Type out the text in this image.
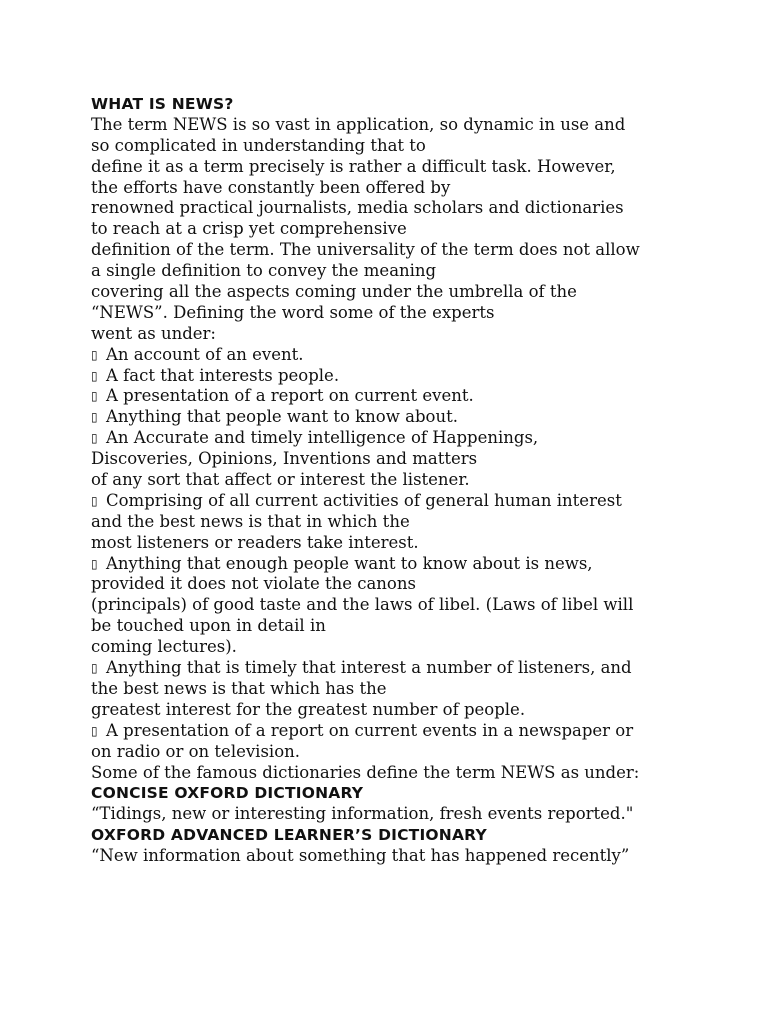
WHAT IS NEWS?
The term NEWS is so vast in application, so dynamic in use and
so complicated in understanding that to
define it as a term precisely is rather a difficult task. However,
the efforts have constantly been offered by
renowned practical journalists, media scholars and dictionaries
to reach at a crisp yet comprehensive
definition of the term. The universality of the term does not allow
a single definition to convey the meaning
covering all the aspects coming under the umbrella of the
“NEWS”. Defining the word some of the experts
went as under:
▯ An account of an event.
▯ A fact that interests people.
▯ A presentation of a report on current event.
▯ Anything that people want to know about.
▯ An Accurate and timely intelligence of Happenings,
Discoveries, Opinions, Inventions and matters
of any sort that affect or interest the listener.
▯ Comprising of all current activities of general human interest
and the best news is that in which the
most listeners or readers take interest.
▯ Anything that enough people want to know about is news,
provided it does not violate the canons
(principals) of good taste and the laws of libel. (Laws of libel will
be touched upon in detail in
coming lectures).
▯ Anything that is timely that interest a number of listeners, and
the best news is that which has the
greatest interest for the greatest number of people.
▯ A presentation of a report on current events in a newspaper or
on radio or on television.
Some of the famous dictionaries define the term NEWS as under:
CONCISE OXFORD DICTIONARY
“Tidings, new or interesting information, fresh events reported."
OXFORD ADVANCED LEARNER’S DICTIONARY
“New information about something that has happened recently”
